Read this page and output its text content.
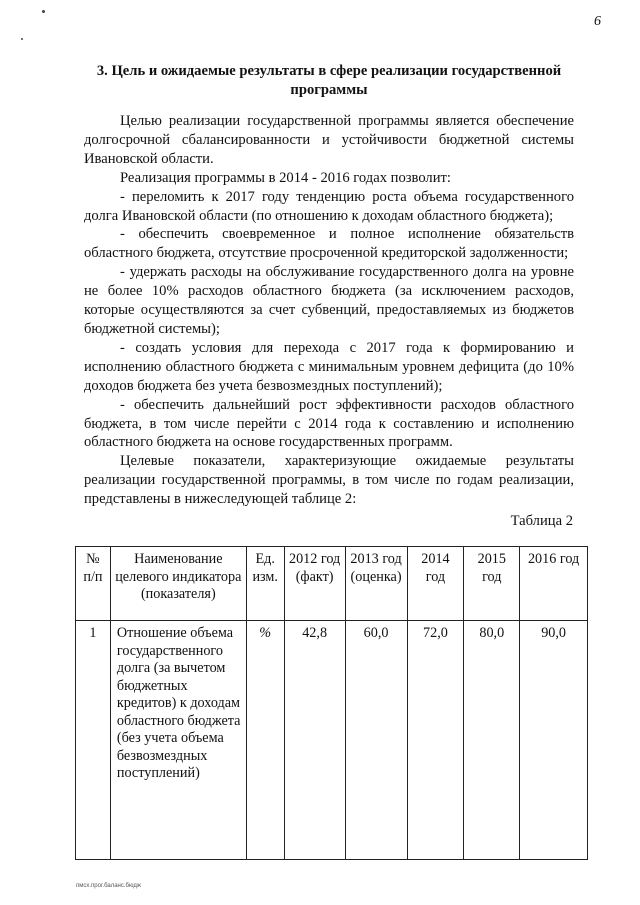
6
3. Цель и ожидаемые результаты в сфере реализации государственной программы

Целью реализации государственной программы является обеспечение долгосрочной сбалансированности и устойчивости бюджетной системы Ивановской области.

Реализация программы в 2014 - 2016 годах позволит:

- переломить к 2017 году тенденцию роста объема государственного долга Ивановской области (по отношению к доходам областного бюджета);

- обеспечить своевременное и полное исполнение обязательств областного бюджета, отсутствие просроченной кредиторской задолженности;

- удержать расходы на обслуживание государственного долга на уровне не более 10% расходов областного бюджета (за исключением расходов, которые осуществляются за счет субвенций, предоставляемых из бюджетов бюджетной системы);

- создать условия для перехода с 2017 года к формированию и исполнению областного бюджета с минимальным уровнем дефицита (до 10% доходов бюджета без учета безвозмездных поступлений);

- обеспечить дальнейший рост эффективности расходов областного бюджета, в том числе перейти с 2014 года к составлению и исполнению областного бюджета на основе государственных программ.

Целевые показатели, характеризующие ожидаемые результаты реализации государственной программы, в том числе по годам реализации, представлены в нижеследующей таблице 2:

Таблица 2
№ п/п	Наименование целевого индикатора (показателя)	Ед. изм.	2012 год (факт)	2013 год (оценка)	2014 год	2015 год	2016 год
1	Отношение объема государственного долга (за вычетом бюджетных кредитов) к доходам областного бюджета (без учета объема безвозмездных поступлений)	%	42,8	60,0	72,0	80,0	90,0
пмсх.прог.баланс.бюдж
